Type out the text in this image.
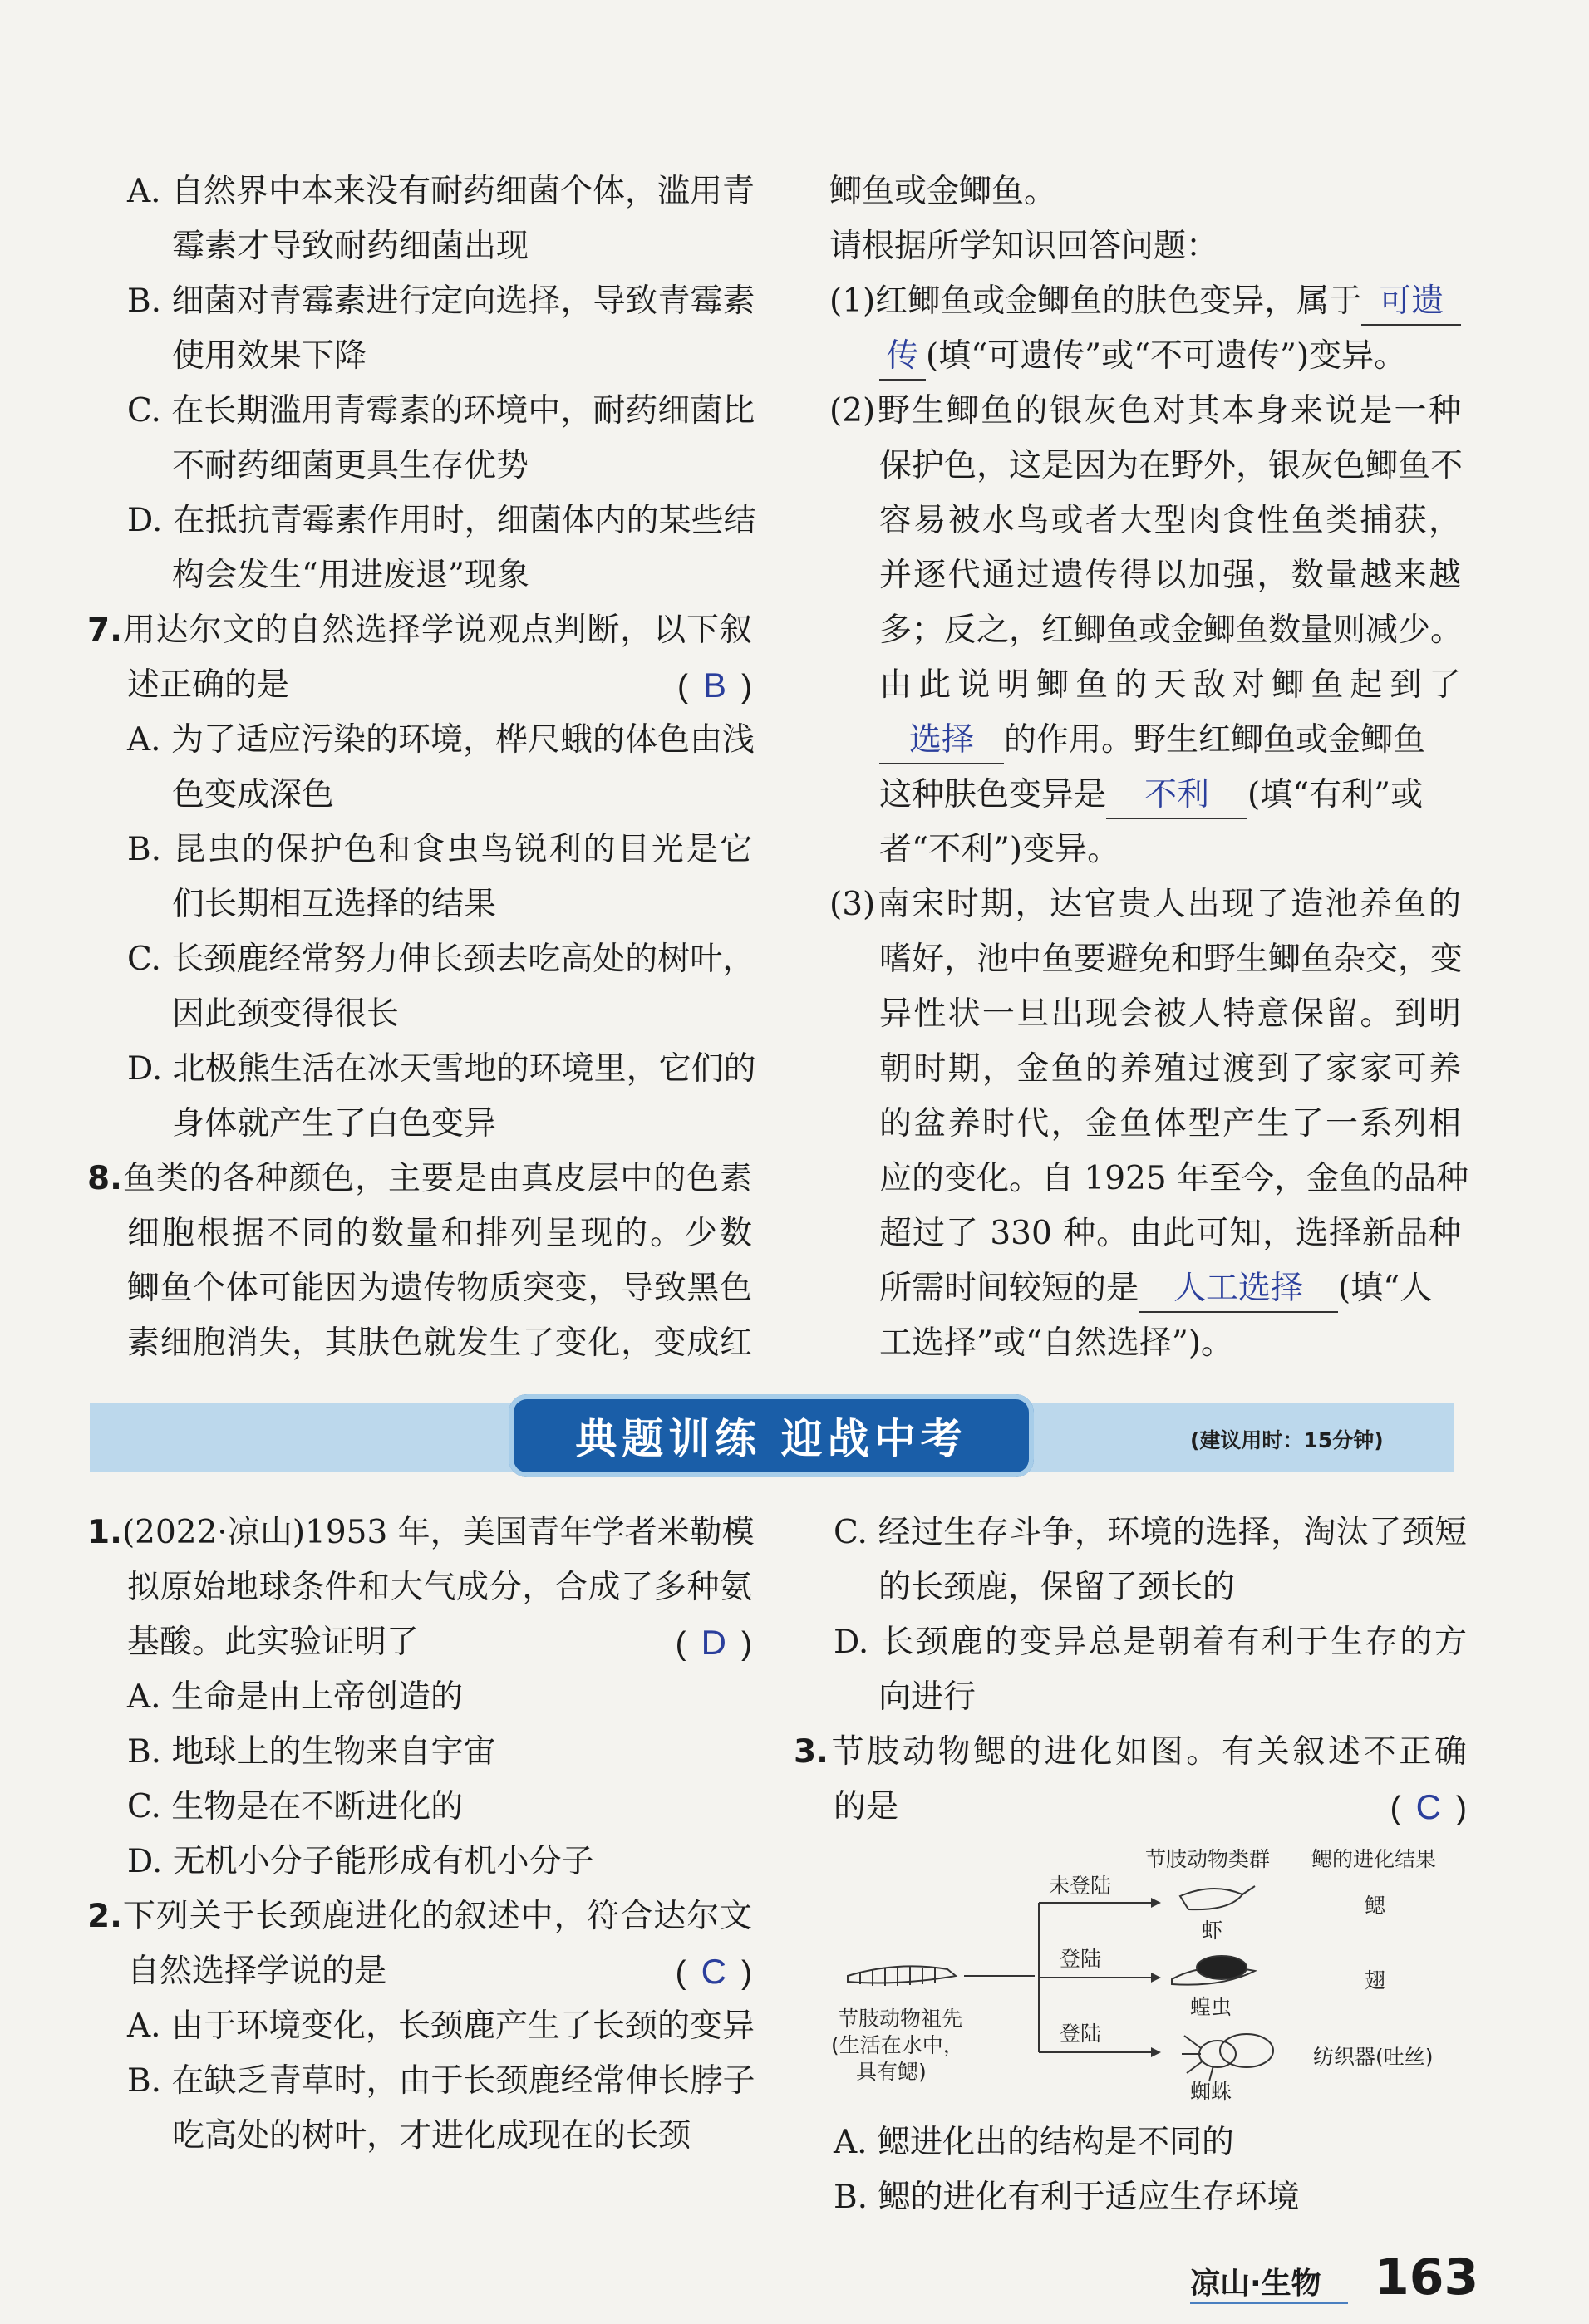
A. 自然界中本来没有耐药细菌个体，滥用青
霉素才导致耐药细菌出现
B. 细菌对青霉素进行定向选择，导致青霉素
使用效果下降
C. 在长期滥用青霉素的环境中，耐药细菌比
不耐药细菌更具生存优势
D. 在抵抗青霉素作用时，细菌体内的某些结
构会发生“用进废退”现象
7.用达尔文的自然选择学说观点判断，以下叙
述正确的是	( B )
A. 为了适应污染的环境，桦尺蛾的体色由浅
色变成深色
B. 昆虫的保护色和食虫鸟锐利的目光是它
们长期相互选择的结果
C. 长颈鹿经常努力伸长颈去吃高处的树叶，
因此颈变得很长
D. 北极熊生活在冰天雪地的环境里，它们的
身体就产生了白色变异
8.鱼类的各种颜色，主要是由真皮层中的色素
细胞根据不同的数量和排列呈现的。少数
鲫鱼个体可能因为遗传物质突变，导致黑色
素细胞消失，其肤色就发生了变化，变成红
鲫鱼或金鲫鱼。
请根据所学知识回答问题：
(1)红鲫鱼或金鲫鱼的肤色变异，属于 可遗
传 (填“可遗传”或“不可遗传”)变异。
(2)野生鲫鱼的银灰色对其本身来说是一种
保护色，这是因为在野外，银灰色鲫鱼不
容易被水鸟或者大型肉食性鱼类捕获，
并逐代通过遗传得以加强，数量越来越
多；反之，红鲫鱼或金鲫鱼数量则减少。
由此说明鲫鱼的天敌对鲫鱼起到了
选择 的作用。野生红鲫鱼或金鲫鱼
这种肤色变异是 不利 (填“有利”或
者“不利”)变异。
(3)南宋时期，达官贵人出现了造池养鱼的
嗜好，池中鱼要避免和野生鲫鱼杂交，变
异性状一旦出现会被人特意保留。到明
朝时期，金鱼的养殖过渡到了家家可养
的盆养时代，金鱼体型产生了一系列相
应的变化。自 1925 年至今，金鱼的品种
超过了 330 种。由此可知，选择新品种
所需时间较短的是 人工选择 (填“人
工选择”或“自然选择”)。
典题训练 迎战中考	(建议用时：15分钟)
1.(2022·凉山)1953 年，美国青年学者米勒模
拟原始地球条件和大气成分，合成了多种氨
基酸。此实验证明了	( D )
A. 生命是由上帝创造的
B. 地球上的生物来自宇宙
C. 生物是在不断进化的
D. 无机小分子能形成有机小分子
2.下列关于长颈鹿进化的叙述中，符合达尔文
自然选择学说的是	( C )
A. 由于环境变化，长颈鹿产生了长颈的变异
B. 在缺乏青草时，由于长颈鹿经常伸长脖子
吃高处的树叶，才进化成现在的长颈
C. 经过生存斗争，环境的选择，淘汰了颈短
的长颈鹿，保留了颈长的
D. 长颈鹿的变异总是朝着有利于生存的方
向进行
3.节肢动物鳃的进化如图。有关叙述不正确
的是	( C )
节肢动物祖先
(生活在水中，
具有鳃)
未登陆
登陆
登陆
节肢动物类群 鳃的进化结果
虾
蝗虫
蜘蛛
鳃
翅
纺织器(吐丝)
A. 鳃进化出的结构是不同的
B. 鳃的进化有利于适应生存环境
凉山·生物 163
